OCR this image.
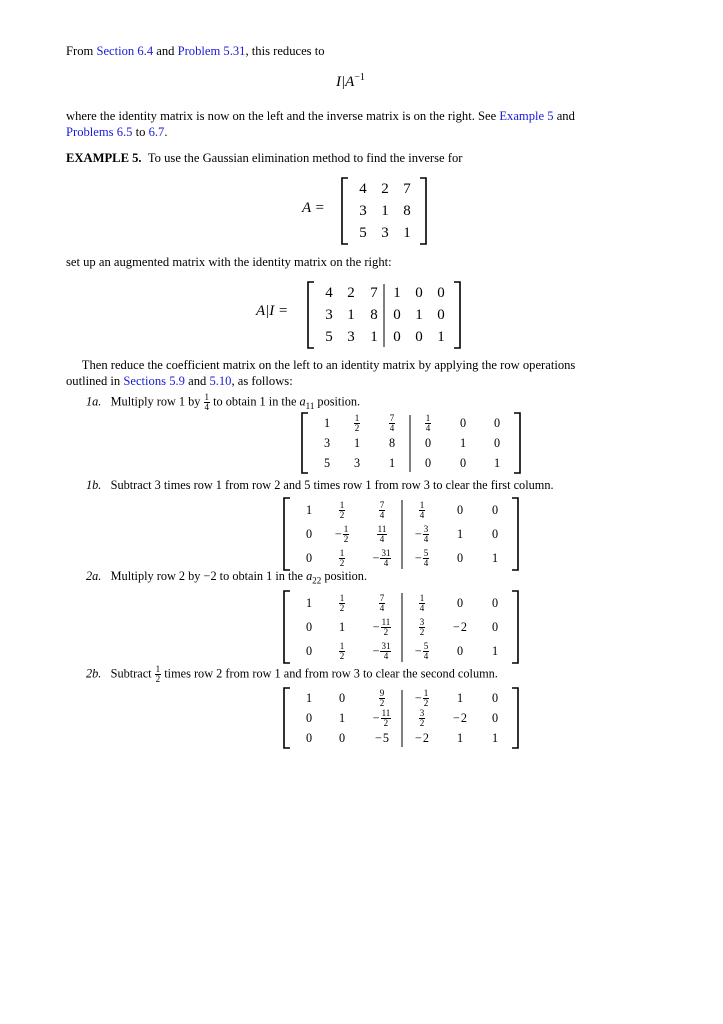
From Section 6.4 and Problem 5.31, this reduces to
$I|A^{-1}$
where the identity matrix is now on the left and the inverse matrix is on the right. See Example 5 and
Problems 6.5 to 6.7.
EXAMPLE 5. To use the Gaussian elimination method to find the inverse for
A =
4 2 7
3 1 8
5 3 1
set up an augmented matrix with the identity matrix on the right:
A|I =
4 2 7 1 0 0
3 1 8 0 1 0
5 3 1 0 0 1
Then reduce the coefficient matrix on the left to an identity matrix by applying the row operations
outlined in Sections 5.9 and 5.10, as follows:
1a. Multiply row 1 by $\frac{1}{4}$ to obtain 1 in the $a_{11}$ position.
1	$\frac{1}{2}$	$\frac{7}{4}$	$\frac{1}{4} 0$ 0
3 1 8 0 1 0
5 3 1 0 0 1
1b. Subtract 3 times row 1 from row 2 and 5 times row 1 from row 3 to clear the first column.
1	$\frac{1}{2}$	$\frac{7}{4}$	$\frac{1}{4}$	0 0
$0 - \frac{1}{2}$	$\frac{11}{4} - \frac{3}{4} 1$ 0
0	$\frac{1}{2} - \frac{31}{4} - \frac{5}{4} 0$ 1
2a. Multiply row 2 by −2 to obtain 1 in the $a_{22}$ position.
1	$\frac{1}{2}$	$\frac{7}{4}$	$\frac{1}{4}$	0 0
0 $1 - \frac{11}{2}$	$\frac{3}{2} - 2$ 0
0	$\frac{1}{2} - \frac{31}{4} - \frac{5}{4} 0$ 1
2b. Subtract $\frac{1}{2}$ times row 2 from row 1 and from row 3 to clear the second column.
1 0	$\frac{9}{2} - \frac{1}{2} 1$ 0
0 $1 - \frac{11}{2}$	$\frac{3}{2} - 2$ 0
0 0 − 5 − 2 1 1
